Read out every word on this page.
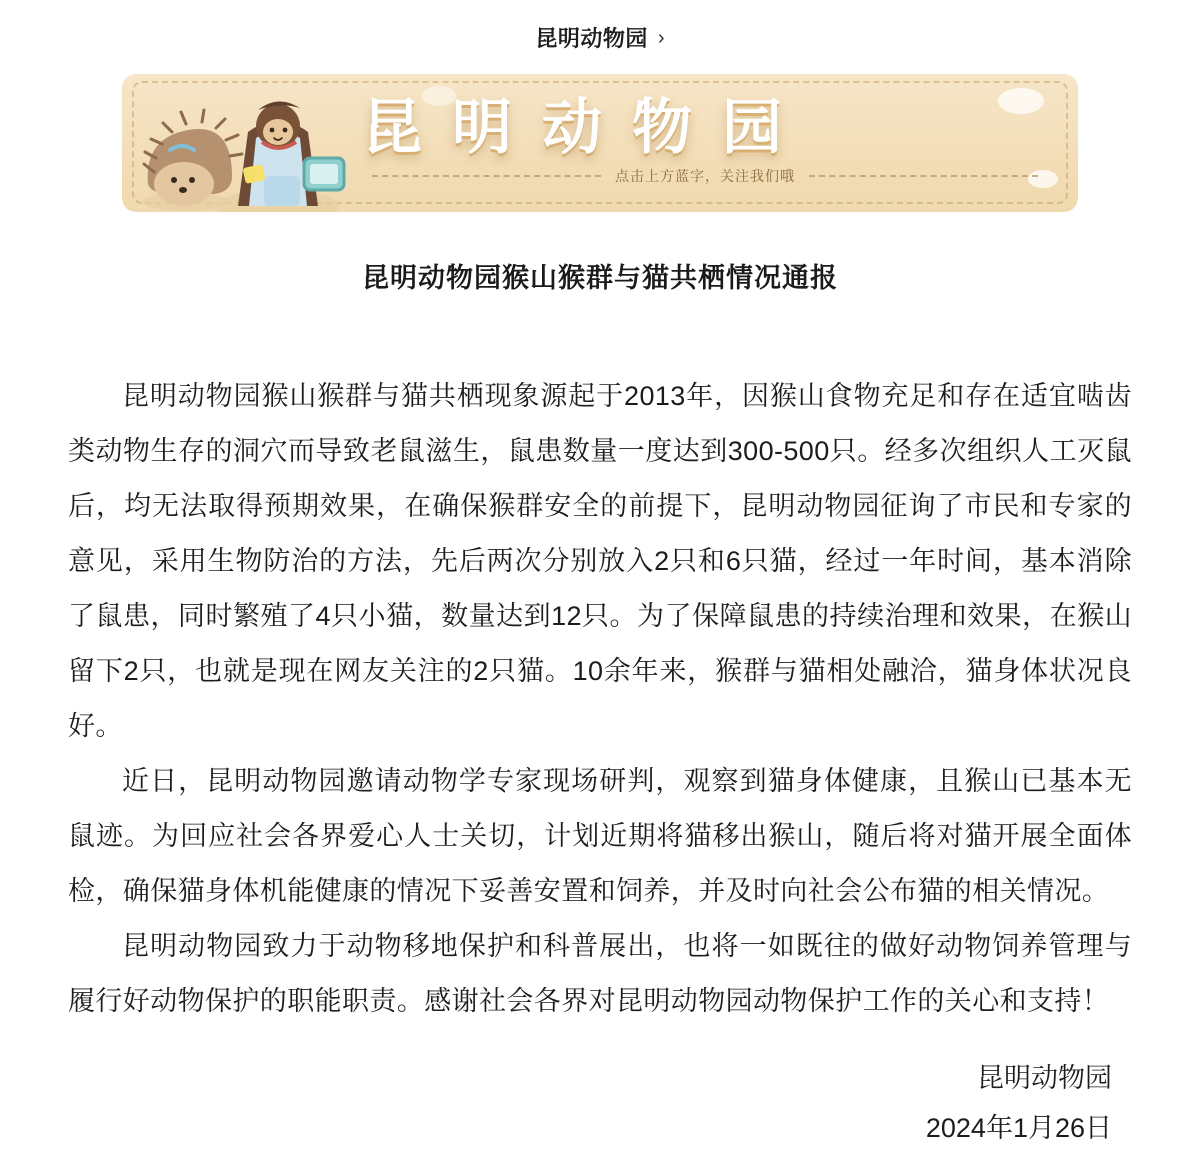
昆明动物园 ›
昆明动物园
点击上方蓝字，关注我们哦
昆明动物园猴山猴群与猫共栖情况通报

昆明动物园猴山猴群与猫共栖现象源起于2013年，因猴山食物充足和存在适宜啮齿类动物生存的洞穴而导致老鼠滋生，鼠患数量一度达到300-500只。经多次组织人工灭鼠后，均无法取得预期效果，在确保猴群安全的前提下，昆明动物园征询了市民和专家的意见，采用生物防治的方法，先后两次分别放入2只和6只猫，经过一年时间，基本消除了鼠患，同时繁殖了4只小猫，数量达到12只。为了保障鼠患的持续治理和效果，在猴山留下2只，也就是现在网友关注的2只猫。10余年来，猴群与猫相处融洽，猫身体状况良好。

近日，昆明动物园邀请动物学专家现场研判，观察到猫身体健康，且猴山已基本无鼠迹。为回应社会各界爱心人士关切，计划近期将猫移出猴山，随后将对猫开展全面体检，确保猫身体机能健康的情况下妥善安置和饲养，并及时向社会公布猫的相关情况。

昆明动物园致力于动物移地保护和科普展出，也将一如既往的做好动物饲养管理与履行好动物保护的职能职责。感谢社会各界对昆明动物园动物保护工作的关心和支持！

昆明动物园
2024年1月26日
